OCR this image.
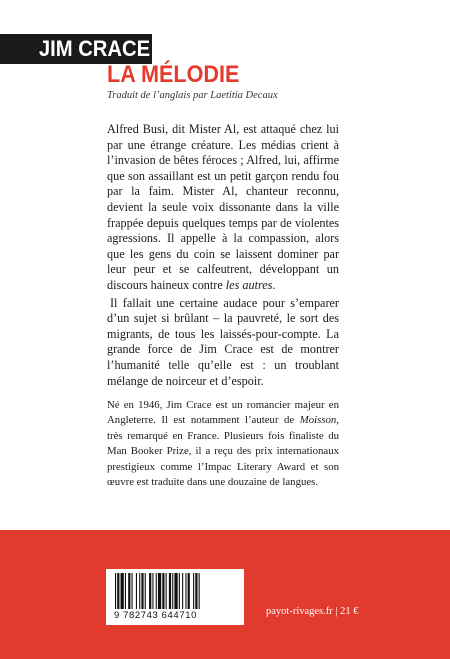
JIM CRACE
LA MÉLODIE
Traduit de l’anglais par Laetitia Decaux

Alfred Busi, dit Mister Al, est attaqué chez lui par une étrange créature. Les médias crient à l’invasion de bêtes féroces ; Alfred, lui, affirme que son assaillant est un petit garçon rendu fou par la faim. Mister Al, chanteur reconnu, devient la seule voix dissonante dans la ville frappée depuis quelques temps par de violentes agressions. Il appelle à la compassion, alors que les gens du coin se laissent dominer par leur peur et se calfeutrent, développant un discours haineux contre les autres.

Il fallait une certaine audace pour s’emparer d’un sujet si brûlant – la pauvreté, le sort des migrants, de tous les laissés-pour-compte. La grande force de Jim Crace est de montrer l’humanité telle qu’elle est : un troublant mélange de noirceur et d’espoir.

Né en 1946, Jim Crace est un romancier majeur en Angleterre. Il est notamment l’auteur de Moisson, très remarqué en France. Plusieurs fois finaliste du Man Booker Prize, il a reçu des prix internationaux prestigieux comme l’Impac Literary Award et son œuvre est traduite dans une douzaine de langues.

9 782743 644710	payot-rivages.fr | 21 €
